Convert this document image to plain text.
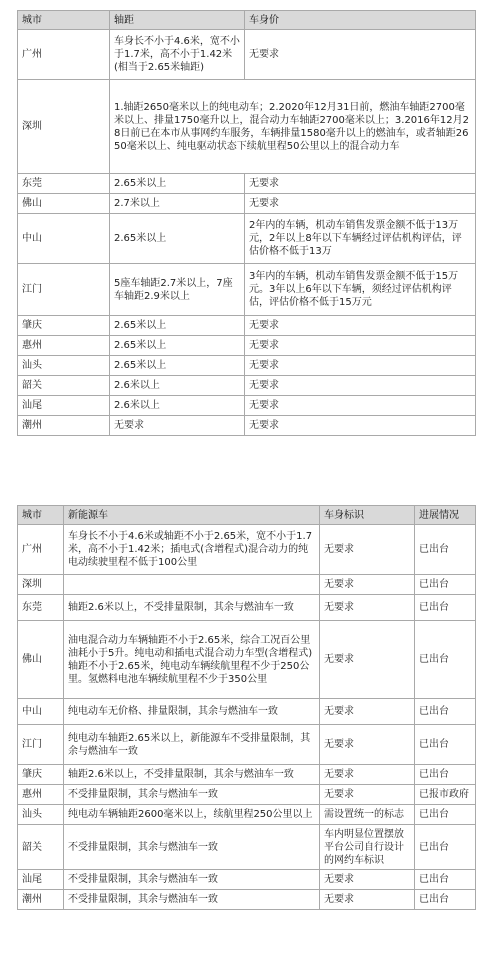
城市	轴距	车身价
广州	车身长不小于4.6米，宽不小于1.7米，高不小于1.42米(相当于2.65米轴距)	无要求
深圳	1.轴距2650毫米以上的纯电动车；2.2020年12月31日前，燃油车轴距2700毫米以上、排量1750毫升以上，混合动力车轴距2700毫米以上；3.2016年12月28日前已在本市从事网约车服务，车辆排量1580毫升以上的燃油车，或者轴距2650毫米以上、纯电驱动状态下续航里程50公里以上的混合动力车	
东莞	2.65米以上	无要求
佛山	2.7米以上	无要求
中山	2.65米以上	2年内的车辆，机动车销售发票金额不低于13万元，2年以上8年以下车辆经过评估机构评估，评估价格不低于13万
江门	5座车轴距2.7米以上，7座车轴距2.9米以上	3年内的车辆，机动车销售发票金额不低于15万元。3年以上6年以下车辆，须经过评估机构评估，评估价格不低于15万元
肇庆	2.65米以上	无要求
惠州	2.65米以上	无要求
汕头	2.65米以上	无要求
韶关	2.6米以上	无要求
汕尾	2.6米以上	无要求
潮州	无要求	无要求
城市	新能源车	车身标识	进展情况
广州	车身长不小于4.6米或轴距不小于2.65米，宽不小于1.7米，高不小于1.42米；插电式(含增程式)混合动力的纯电动续驶里程不低于100公里	无要求	已出台
深圳		无要求	已出台
东莞	轴距2.6米以上，不受排量限制，其余与燃油车一致	无要求	已出台
佛山	油电混合动力车辆轴距不小于2.65米，综合工况百公里油耗小于5升。纯电动和插电式混合动力车型(含增程式)轴距不小于2.65米，纯电动车辆续航里程不少于250公里。氢燃料电池车辆续航里程不少于350公里	无要求	已出台
中山	纯电动车无价格、排量限制，其余与燃油车一致	无要求	已出台
江门	纯电动车轴距2.65米以上，新能源车不受排量限制，其余与燃油车一致	无要求	已出台
肇庆	轴距2.6米以上，不受排量限制，其余与燃油车一致	无要求	已出台
惠州	不受排量限制，其余与燃油车一致	无要求	已报市政府
汕头	纯电动车辆轴距2600毫米以上，续航里程250公里以上	需设置统一的标志	已出台
韶关	不受排量限制，其余与燃油车一致	车内明显位置摆放平台公司自行设计的网约车标识	已出台
汕尾	不受排量限制，其余与燃油车一致	无要求	已出台
潮州	不受排量限制，其余与燃油车一致	无要求	已出台
